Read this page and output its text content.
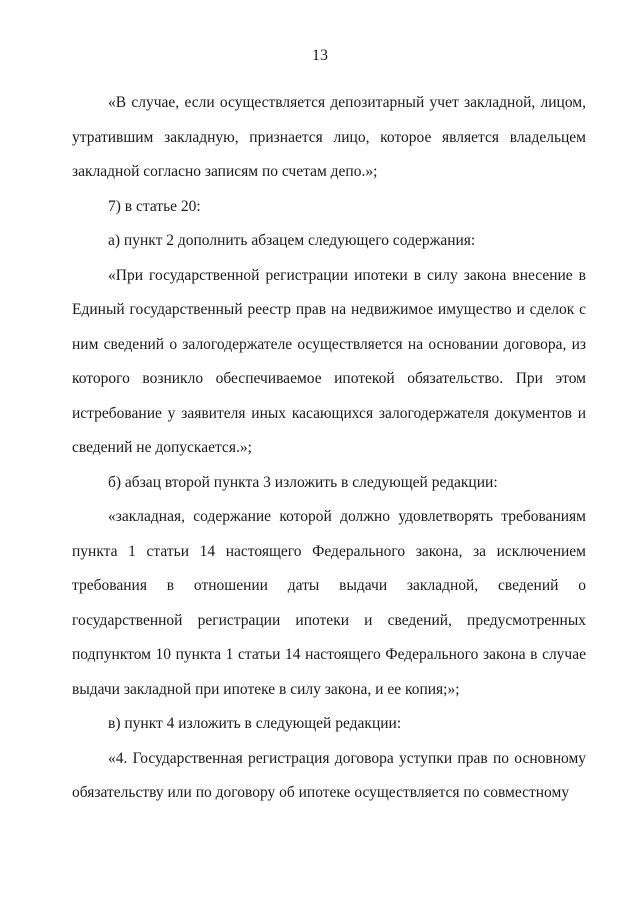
13

«В случае, если осуществляется депозитарный учет закладной, лицом, утратившим закладную, признается лицо, которое является владельцем закладной согласно записям по счетам депо.»;

7) в статье 20:

а) пункт 2 дополнить абзацем следующего содержания:

«При государственной регистрации ипотеки в силу закона внесение в Единый государственный реестр прав на недвижимое имущество и сделок с ним сведений о залогодержателе осуществляется на основании договора, из которого возникло обеспечиваемое ипотекой обязательство. При этом истребование у заявителя иных касающихся залогодержателя документов и сведений не допускается.»;

б) абзац второй пункта 3 изложить в следующей редакции:

«закладная, содержание которой должно удовлетворять требованиям пункта 1 статьи 14 настоящего Федерального закона, за исключением требования в отношении даты выдачи закладной, сведений о государственной регистрации ипотеки и сведений, предусмотренных подпунктом 10 пункта 1 статьи 14 настоящего Федерального закона в случае выдачи закладной при ипотеке в силу закона, и ее копия;»;

в) пункт 4 изложить в следующей редакции:

«4. Государственная регистрация договора уступки прав по основному обязательству или по договору об ипотеке осуществляется по совместному
